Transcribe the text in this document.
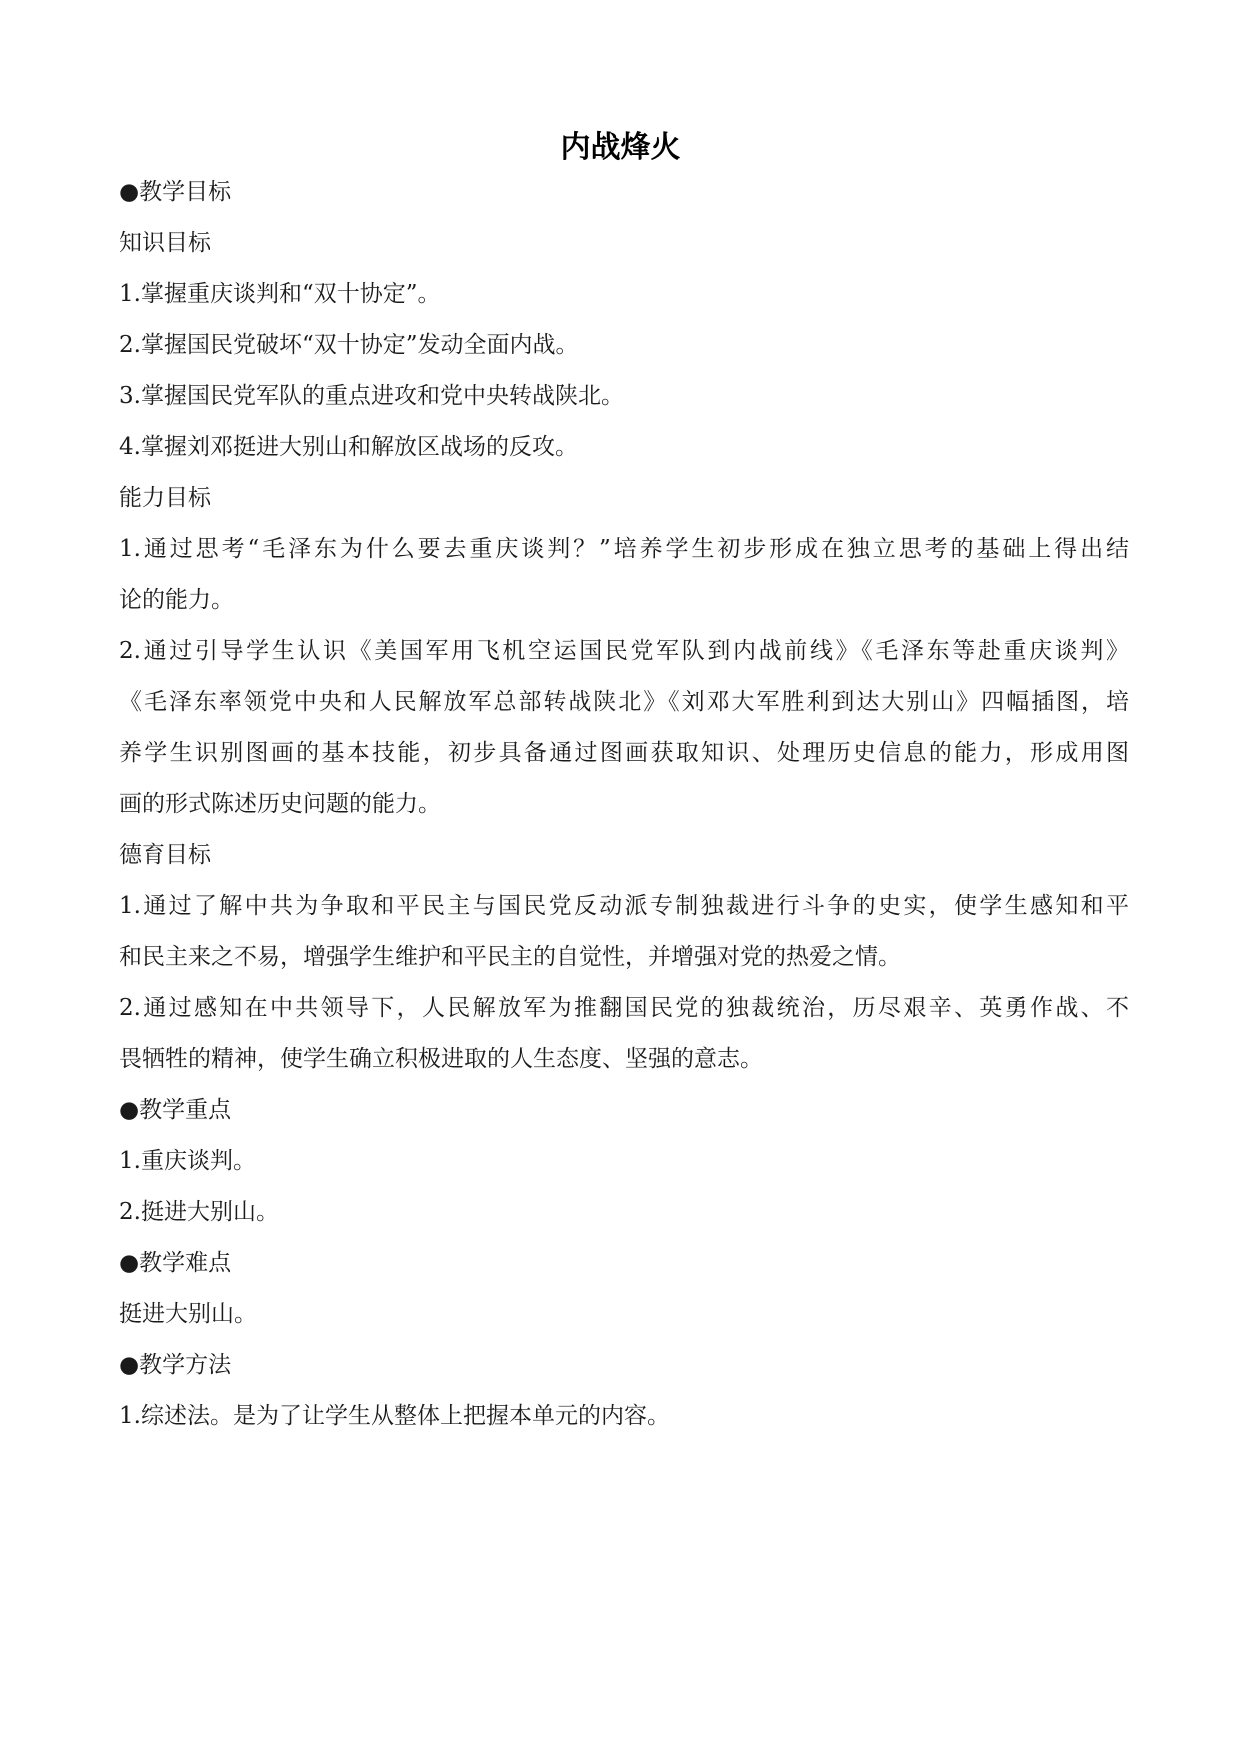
内战烽火
●教学目标
知识目标
1.掌握重庆谈判和“双十协定”。
2.掌握国民党破坏“双十协定”发动全面内战。
3.掌握国民党军队的重点进攻和党中央转战陕北。
4.掌握刘邓挺进大别山和解放区战场的反攻。
能力目标
1.通过思考“毛泽东为什么要去重庆谈判？”培养学生初步形成在独立思考的基础上得出结
论的能力。
2.通过引导学生认识《美国军用飞机空运国民党军队到内战前线》《毛泽东等赴重庆谈判》
《毛泽东率领党中央和人民解放军总部转战陕北》《刘邓大军胜利到达大别山》四幅插图，培
养学生识别图画的基本技能，初步具备通过图画获取知识、处理历史信息的能力，形成用图
画的形式陈述历史问题的能力。
德育目标
1.通过了解中共为争取和平民主与国民党反动派专制独裁进行斗争的史实，使学生感知和平
和民主来之不易，增强学生维护和平民主的自觉性，并增强对党的热爱之情。
2.通过感知在中共领导下，人民解放军为推翻国民党的独裁统治，历尽艰辛、英勇作战、不
畏牺牲的精神，使学生确立积极进取的人生态度、坚强的意志。
●教学重点
1.重庆谈判。
2.挺进大别山。
●教学难点
挺进大别山。
●教学方法
1.综述法。是为了让学生从整体上把握本单元的内容。
